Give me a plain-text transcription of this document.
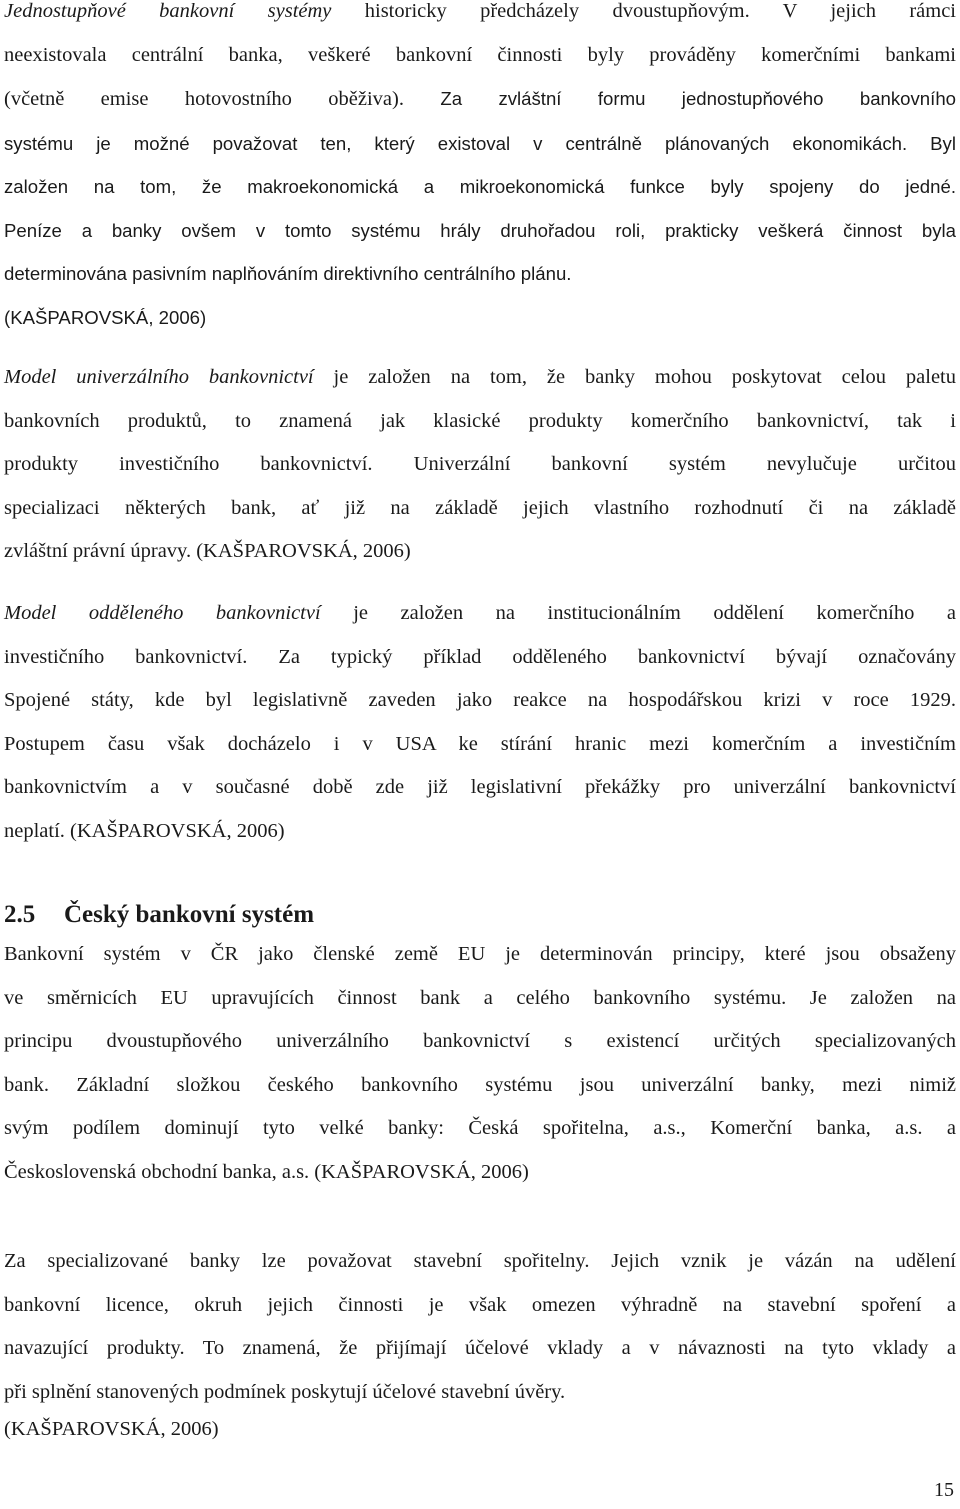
Jednostupňové bankovní systémy historicky předcházely dvoustupňovým. V jejich rámci
neexistovala centrální banka, veškeré bankovní činnosti byly prováděny komerčními bankami
(včetně emise hotovostního oběživa). Za zvláštní formu jednostupňového bankovního
systému je možné považovat ten, který existoval v centrálně plánovaných ekonomikách. Byl
založen na tom, že makroekonomická a mikroekonomická funkce byly spojeny do jedné.
Peníze a banky ovšem v tomto systému hrály druhořadou roli, prakticky veškerá činnost byla
determinována pasivním naplňováním direktivního centrálního plánu.
(KAŠPAROVSKÁ, 2006)
Model univerzálního bankovnictví je založen na tom, že banky mohou poskytovat celou paletu
bankovních produktů, to znamená jak klasické produkty komerčního bankovnictví, tak i
produkty investičního bankovnictví. Univerzální bankovní systém nevylučuje určitou
specializaci některých bank, ať již na základě jejich vlastního rozhodnutí či na základě
zvláštní právní úpravy. (KAŠPAROVSKÁ, 2006)
Model odděleného bankovnictví je založen na institucionálním oddělení komerčního a
investičního bankovnictví. Za typický příklad odděleného bankovnictví bývají označovány
Spojené státy, kde byl legislativně zaveden jako reakce na hospodářskou krizi v roce 1929.
Postupem času však docházelo i v USA ke stírání hranic mezi komerčním a investičním
bankovnictvím a v současné době zde již legislativní překážky pro univerzální bankovnictví
neplatí. (KAŠPAROVSKÁ, 2006)
2.5 Český bankovní systém
Bankovní systém v ČR jako členské země EU je determinován principy, které jsou obsaženy
ve směrnicích EU upravujících činnost bank a celého bankovního systému. Je založen na
principu dvoustupňového univerzálního bankovnictví s existencí určitých specializovaných
bank. Základní složkou českého bankovního systému jsou univerzální banky, mezi nimiž
svým podílem dominují tyto velké banky: Česká spořitelna, a.s., Komerční banka, a.s. a
Československá obchodní banka, a.s. (KAŠPAROVSKÁ, 2006)
Za specializované banky lze považovat stavební spořitelny. Jejich vznik je vázán na udělení
bankovní licence, okruh jejich činnosti je však omezen výhradně na stavební spoření a
navazující produkty. To znamená, že přijímají účelové vklady a v návaznosti na tyto vklady a
při splnění stanovených podmínek poskytují účelové stavební úvěry.
(KAŠPAROVSKÁ, 2006)
15
